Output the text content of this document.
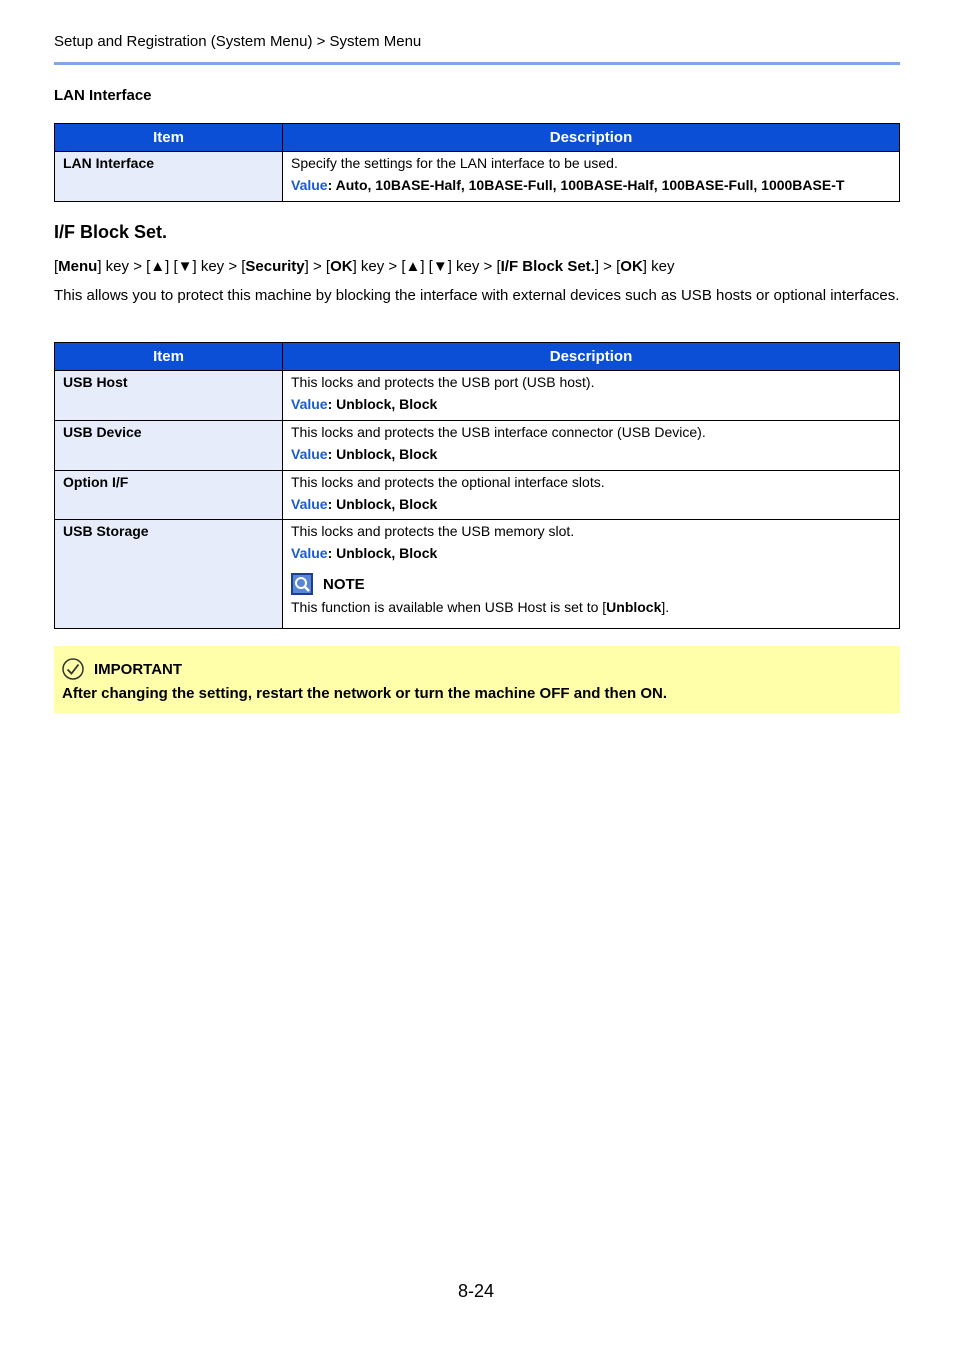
Setup and Registration (System Menu) > System Menu
LAN Interface
Item	Description

LAN Interface	Specify the settings for the LAN interface to be used.
Value: Auto, 10BASE-Half, 10BASE-Full, 100BASE-Half, 100BASE-Full, 1000BASE-T
I/F Block Set.
[Menu] key > [▲] [▼] key > [Security] > [OK] key > [▲] [▼] key > [I/F Block Set.] > [OK] key
This allows you to protect this machine by blocking the interface with external devices such as USB hosts or optional interfaces.
Item	Description

USB Host	This locks and protects the USB port (USB host).
Value: Unblock, Block

USB Device	This locks and protects the USB interface connector (USB Device).
Value: Unblock, Block

Option I/F	This locks and protects the optional interface slots.
Value: Unblock, Block

USB Storage	This locks and protects the USB memory slot.
Value: Unblock, Block
NOTE
This function is available when USB Host is set to [Unblock].
IMPORTANT
After changing the setting, restart the network or turn the machine OFF and then ON.
8-24
